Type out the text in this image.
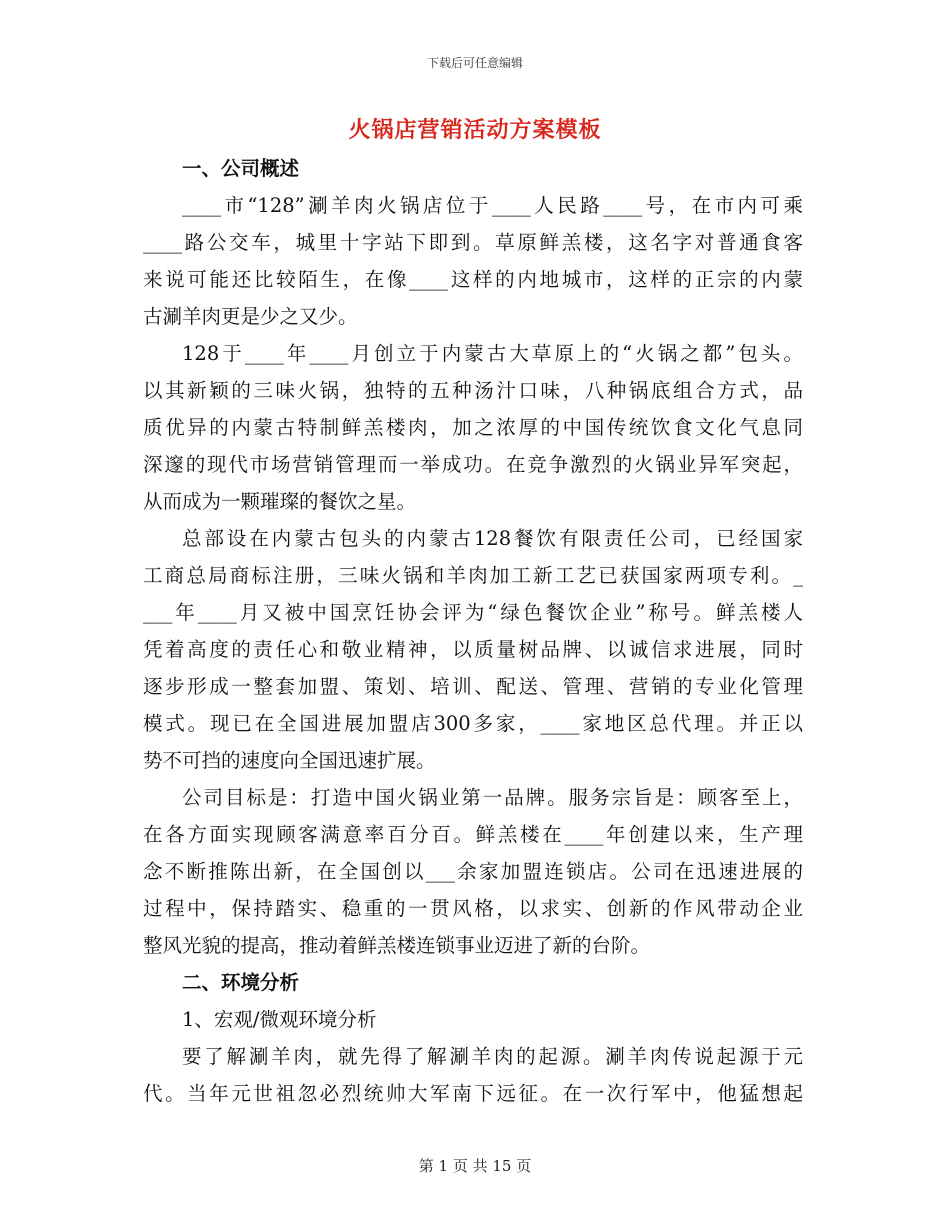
下载后可任意编辑
火锅店营销活动方案模板
一、公司概述
____市“128”涮羊肉火锅店位于____人民路____号，在市内可乘
____路公交车，城里十字站下即到。草原鲜羔楼，这名字对普通食客
来说可能还比较陌生，在像____这样的内地城市，这样的正宗的内蒙
古涮羊肉更是少之又少。
128于____年____月创立于内蒙古大草原上的“火锅之都”包头。
以其新颖的三味火锅，独特的五种汤汁口味，八种锅底组合方式，品
质优异的内蒙古特制鲜羔楼肉，加之浓厚的中国传统饮食文化气息同
深邃的现代市场营销管理而一举成功。在竞争激烈的火锅业异军突起，
从而成为一颗璀璨的餐饮之星。
总部设在内蒙古包头的内蒙古128餐饮有限责任公司，已经国家
工商总局商标注册，三味火锅和羊肉加工新工艺已获国家两项专利。_
___年____月又被中国烹饪协会评为“绿色餐饮企业”称号。鲜羔楼人
凭着高度的责任心和敬业精神，以质量树品牌、以诚信求进展，同时
逐步形成一整套加盟、策划、培训、配送、管理、营销的专业化管理
模式。现已在全国进展加盟店300多家，____家地区总代理。并正以
势不可挡的速度向全国迅速扩展。
公司目标是：打造中国火锅业第一品牌。服务宗旨是：顾客至上，
在各方面实现顾客满意率百分百。鲜羔楼在____年创建以来，生产理
念不断推陈出新，在全国创以___余家加盟连锁店。公司在迅速进展的
过程中，保持踏实、稳重的一贯风格，以求实、创新的作风带动企业
整风光貌的提高，推动着鲜羔楼连锁事业迈进了新的台阶。
二、环境分析
1、宏观/微观环境分析
要了解涮羊肉，就先得了解涮羊肉的起源。涮羊肉传说起源于元
代。当年元世祖忽必烈统帅大军南下远征。在一次行军中，他猛想起
第 1 页 共 15 页
